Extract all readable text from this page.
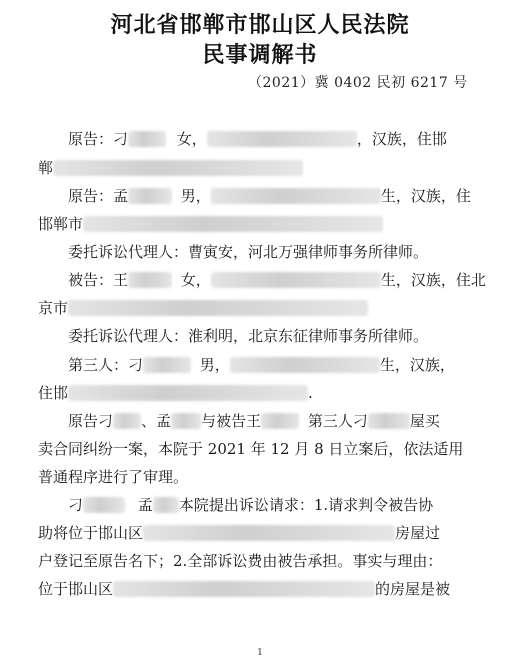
河北省邯郸市邯山区人民法院
民事调解书
（2021）冀 0402 民初 6217 号
原告：刁	女，	，汉族，住邯
郸
原告：孟	男，	生，汉族，住
邯郸市
委托诉讼代理人：曹寅安，河北万强律师事务所律师。
被告：王	女，	生，汉族，住北
京市
委托诉讼代理人：淮利明，北京东征律师事务所律师。
第三人：刁	男，	生，汉族，
住邯	.
原告刁 、孟 与被告王	第三人刁	屋买
卖合同纠纷一案，本院于 2021 年 12 月 8 日立案后，依法适用
普通程序进行了审理。
刁	孟 本院提出诉讼请求：1.请求判令被告协
助将位于邯山区	房屋过
户登记至原告名下；2.全部诉讼费由被告承担。事实与理由：
位于邯山区	的房屋是被
1
